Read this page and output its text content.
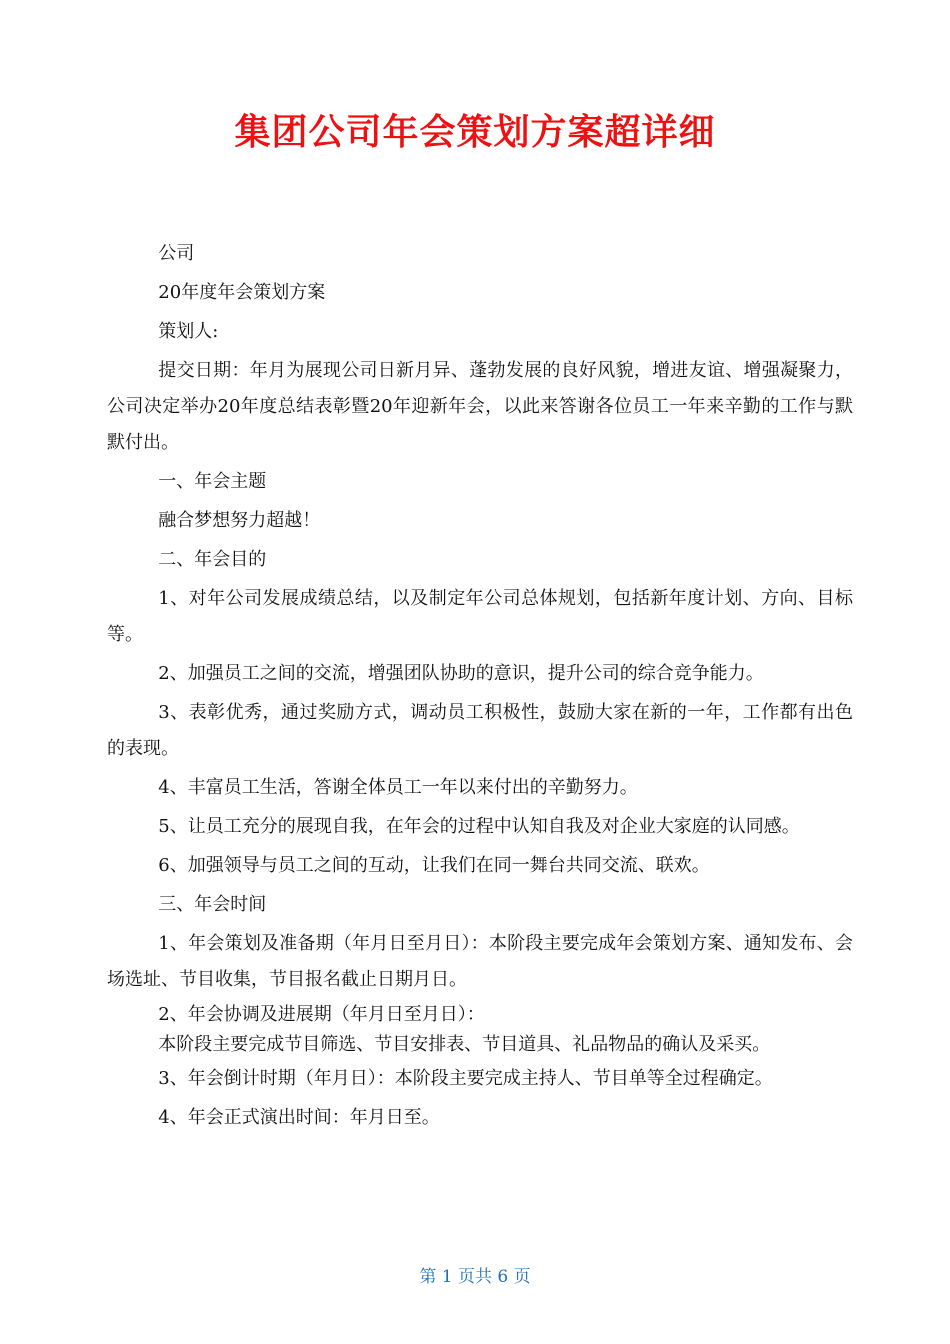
集团公司年会策划方案超详细

公司

20年度年会策划方案

策划人:

提交日期：年月为展现公司日新月异、蓬勃发展的良好风貌，增进友谊、增强凝聚力，公司决定举办20年度总结表彰暨20年迎新年会，以此来答谢各位员工一年来辛勤的工作与默默付出。

一、年会主题

融合梦想努力超越！

二、年会目的

1、对年公司发展成绩总结，以及制定年公司总体规划，包括新年度计划、方向、目标等。

2、加强员工之间的交流，增强团队协助的意识，提升公司的综合竞争能力。

3、表彰优秀，通过奖励方式，调动员工积极性，鼓励大家在新的一年，工作都有出色的表现。

4、丰富员工生活，答谢全体员工一年以来付出的辛勤努力。

5、让员工充分的展现自我，在年会的过程中认知自我及对企业大家庭的认同感。

6、加强领导与员工之间的互动，让我们在同一舞台共同交流、联欢。

三、年会时间

1、年会策划及准备期（年月日至月日）：本阶段主要完成年会策划方案、通知发布、会场选址、节目收集，节目报名截止日期月日。

2、年会协调及进展期（年月日至月日）：

本阶段主要完成节目筛选、节目安排表、节目道具、礼品物品的确认及采买。

3、年会倒计时期（年月日）：本阶段主要完成主持人、节目单等全过程确定。

4、年会正式演出时间：年月日至。

第 1 页共 6 页
